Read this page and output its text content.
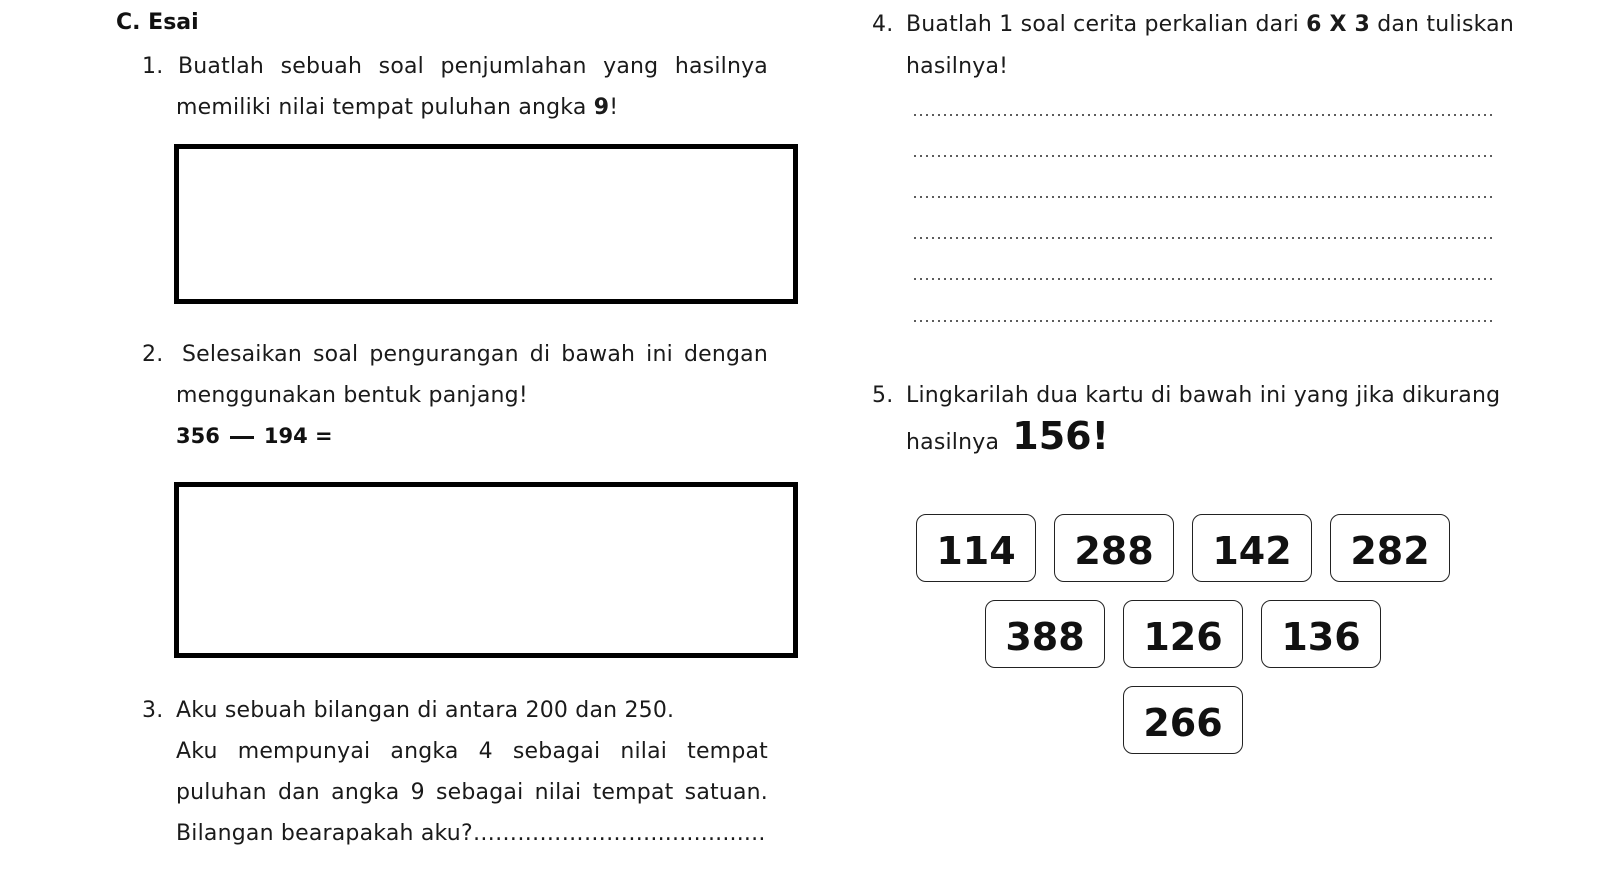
C. Esai
1. Buatlah sebuah soal penjumlahan yang hasilnya
memiliki nilai tempat puluhan angka 9!
2. Selesaikan soal pengurangan di bawah ini dengan
menggunakan bentuk panjang!
356 194 =
3. Aku sebuah bilangan di antara 200 dan 250.
Aku mempunyai angka 4 sebagai nilai tempat
puluhan dan angka 9 sebagai nilai tempat satuan.
Bilangan bearapakah aku?……………………................
4. Buatlah 1 soal cerita perkalian dari 6 X 3 dan tuliskan
hasilnya!
5. Lingkarilah dua kartu di bawah ini yang jika dikurang
hasilnya 156!
114	288	142	282
388	126	136
266
